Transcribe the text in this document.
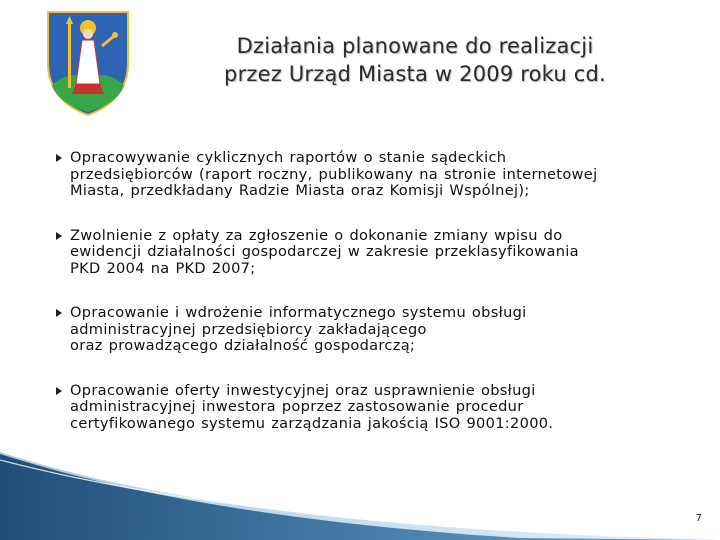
Działania planowane do realizacji
przez Urząd Miasta w 2009 roku cd.
Opracowywanie cyklicznych raportów o stanie sądeckich
przedsiębiorców (raport roczny, publikowany na stronie internetowej
Miasta, przedkładany Radzie Miasta oraz Komisji Wspólnej);
Zwolnienie z opłaty za zgłoszenie o dokonanie zmiany wpisu do
ewidencji działalności gospodarczej w zakresie przeklasyfikowania
PKD 2004 na PKD 2007;
Opracowanie i wdrożenie informatycznego systemu obsługi
administracyjnej przedsiębiorcy zakładającego
oraz prowadzącego działalność gospodarczą;
Opracowanie oferty inwestycyjnej oraz usprawnienie obsługi
administracyjnej inwestora poprzez zastosowanie procedur
certyfikowanego systemu zarządzania jakością ISO 9001:2000.
7
